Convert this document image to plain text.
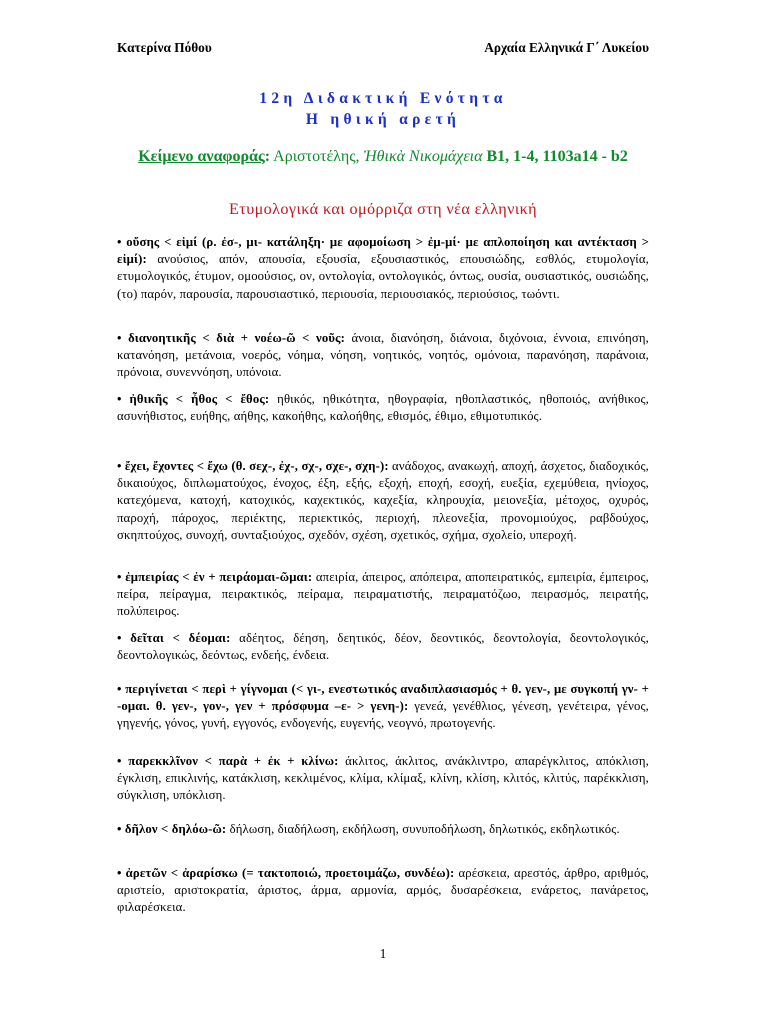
Κατερίνα Πόθου	Αρχαία Ελληνικά Γ΄ Λυκείου
12η Διδακτική Ενότητα
Η ηθική αρετή
Κείμενο αναφοράς: Αριστοτέλης, Ἠθικὰ Νικομάχεια Β1, 1-4, 1103a14 - b2
Ετυμολογικά και ομόρριζα στη νέα ελληνική

• οὔσης < εἰμί (ρ. ἐσ-, μι- κατάληξη· με αφομοίωση > ἐμ-μί· με απλοποίηση και αντέκταση > εἰμί): ανούσιος, απόν, απουσία, εξουσία, εξουσιαστικός, επουσιώδης, εσθλός, ετυμολογία, ετυμολογικός, έτυμον, ομοούσιος, ον, οντολογία, οντολογικός, όντως, ουσία, ουσιαστικός, ουσιώδης, (το) παρόν, παρουσία, παρουσιαστικό, περιουσία, περιουσιακός, περιούσιος, τωόντι.

• διανοητικῆς < διὰ + νοέω-ῶ < νοῦς: άνοια, διανόηση, διάνοια, διχόνοια, έννοια, επινόηση, κατανόηση, μετάνοια, νοερός, νόημα, νόηση, νοητικός, νοητός, ομόνοια, παρανόηση, παράνοια, πρόνοια, συνεννόηση, υπόνοια.

• ἠθικῆς < ἦθος < ἔθος: ηθικός, ηθικότητα, ηθογραφία, ηθοπλαστικός, ηθοποιός, ανήθικος, ασυνήθιστος, ευήθης, αήθης, κακοήθης, καλοήθης, εθισμός, έθιμο, εθιμοτυπικός.

• ἔχει, ἔχοντες < ἔχω (θ. σεχ-, ἐχ-, σχ-, σχε-, σχη-): ανάδοχος, ανακωχή, αποχή, άσχετος, διαδοχικός, δικαιούχος, διπλωματούχος, ένοχος, έξη, εξής, εξοχή, εποχή, εσοχή, ευεξία, εχεμύθεια, ηνίοχος, κατεχόμενα, κατοχή, κατοχικός, καχεκτικός, καχεξία, κληρουχία, μειονεξία, μέτοχος, οχυρός, παροχή, πάροχος, περιέκτης, περιεκτικός, περιοχή, πλεονεξία, προνομιούχος, ραβδούχος, σκηπτούχος, συνοχή, συνταξιούχος, σχεδόν, σχέση, σχετικός, σχήμα, σχολείο, υπεροχή.

• ἐμπειρίας < ἐν + πειράομαι-ῶμαι: απειρία, άπειρος, απόπειρα, αποπειρατικός, εμπειρία, έμπειρος, πείρα, πείραγμα, πειρακτικός, πείραμα, πειραματιστής, πειραματόζωο, πειρασμός, πειρατής, πολύπειρος.

• δεῖται < δέομαι: αδέητος, δέηση, δεητικός, δέον, δεοντικός, δεοντολογία, δεοντολογικός, δεοντολογικώς, δεόντως, ενδεής, ένδεια.

• περιγίνεται < περὶ + γίγνομαι (< γι-, ενεστωτικός αναδιπλασιασμός + θ. γεν-, με συγκοπή γν- + -ομαι. θ. γεν-, γον-, γεν + πρόσφυμα –ε- > γενη-): γενεά, γενέθλιος, γένεση, γενέτειρα, γένος, γηγενής, γόνος, γυνή, εγγονός, ενδογενής, ευγενής, νεογνό, πρωτογενής.

• παρεκκλῖνον < παρὰ + ἐκ + κλίνω: άκλιτος, άκλιτος, ανάκλιντρο, απαρέγκλιτος, απόκλιση, έγκλιση, επικλινής, κατάκλιση, κεκλιμένος, κλίμα, κλίμαξ, κλίνη, κλίση, κλιτός, κλιτύς, παρέκκλιση, σύγκλιση, υπόκλιση.

• δῆλον < δηλόω-ῶ: δήλωση, διαδήλωση, εκδήλωση, συνυποδήλωση, δηλωτικός, εκδηλωτικός.

• ἀρετῶν < ἀραρίσκω (= τακτοποιώ, προετοιμάζω, συνδέω): αρέσκεια, αρεστός, άρθρο, αριθμός, αριστείο, αριστοκρατία, άριστος, άρμα, αρμονία, αρμός, δυσαρέσκεια, ενάρετος, πανάρετος, φιλαρέσκεια.

1
